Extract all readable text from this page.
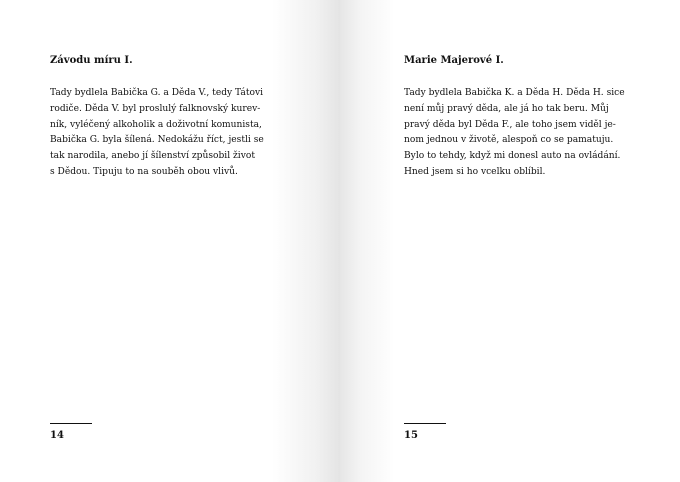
Závodu míru I.

Tady bydlela Babička G. a Děda V., tedy Tátovi
rodiče. Děda V. byl proslulý falknovský kurev-
ník, vyléčený alkoholik a doživotní komunista,
Babička G. byla šílená. Nedokážu říct, jestli se
tak narodila, anebo jí šílenství způsobil život
s Dědou. Tipuju to na souběh obou vlivů.

14

Marie Majerové I.

Tady bydlela Babička K. a Děda H. Děda H. sice
není můj pravý děda, ale já ho tak beru. Můj
pravý děda byl Děda F., ale toho jsem viděl je-
nom jednou v životě, alespoň co se pamatuju.
Bylo to tehdy, když mi donesl auto na ovládání.
Hned jsem si ho vcelku oblíbil.

15
